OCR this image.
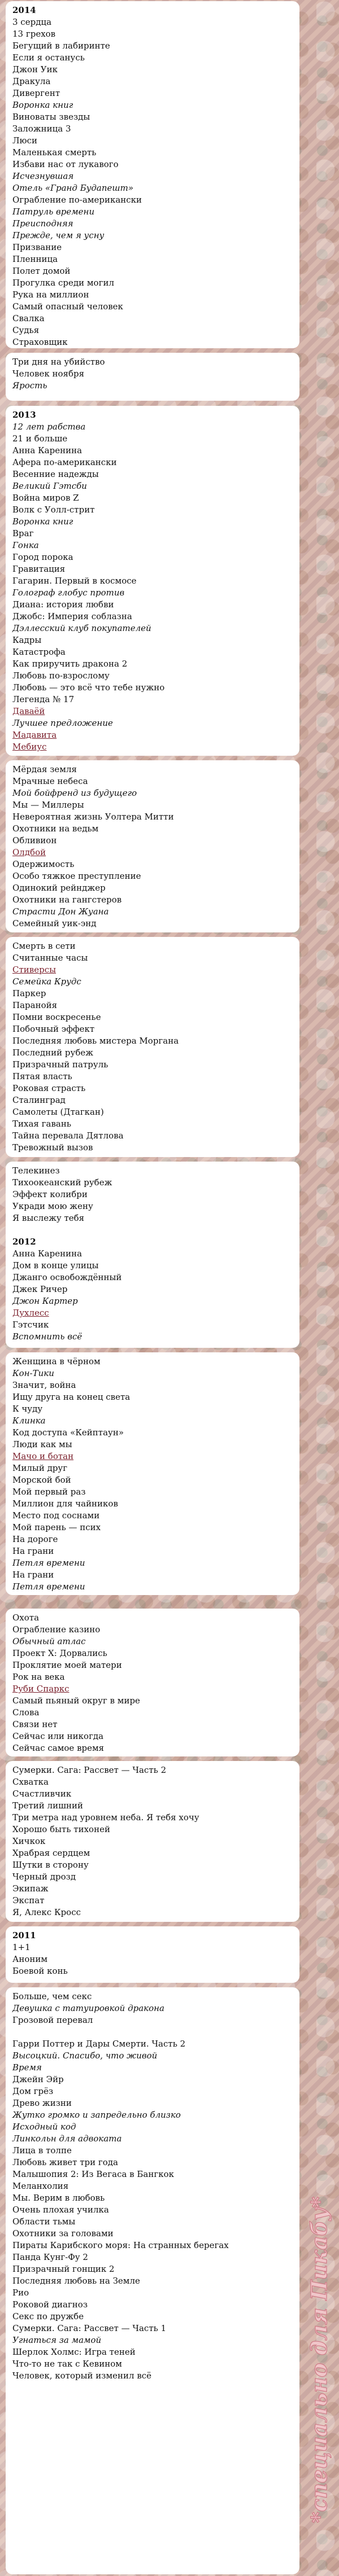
2014
3 сердца
13 грехов
Бегущий в лабиринте
Если я останусь
Джон Уик
Дракула
Дивергент
Воронка книг
Виноваты звезды
Заложница 3
Люси
Маленькая смерть
Избави нас от лукавого
Исчезнувшая
Отель «Гранд Будапешт»
Ограбление по-американски
Патруль времени
Преисподняя
Прежде, чем я усну
Призвание
Пленница
Полет домой
Прогулка среди могил
Рука на миллион
Самый опасный человек
Свалка
Судья
Страховщик
Три дня на убийство
Человек ноября
Ярость
2013
12 лет рабства
21 и больше
Анна Каренина
Афера по-американски
Весенние надежды
Великий Гэтсби
Война миров Z
Волк с Уолл-стрит
Воронка книг
Враг
Гонка
Город порока
Гравитация
Гагарин. Первый в космосе
Голограф глобус против
Диана: история любви
Джобс: Империя соблазна
Дэллесский клуб покупателей
Кадры
Катастрофа
Как приручить дракона 2
Любовь по-взрослому
Любовь — это всё что тебе нужно
Легенда № 17
Даваёй
Лучшее предложение
Мадавита
Мебиус
Мёрдая земля
Мрачные небеса
Мой бойфренд из будущего
Мы — Миллеры
Невероятная жизнь Уолтера Митти
Охотники на ведьм
Обливион
Олдбой
Одержимость
Особо тяжкое преступление
Одинокий рейнджер
Охотники на гангстеров
Страсти Дон Жуана
Семейный уик-энд
Смерть в сети
Считанные часы
Стиверсы
Семейка Крудс
Паркер
Паранойя
Помни воскресенье
Побочный эффект
Последняя любовь мистера Моргана
Последний рубеж
Призрачный патруль
Пятая власть
Роковая страсть
Сталинград
Самолеты (Дтагкан)
Тихая гавань
Тайна перевала Дятлова
Тревожный вызов
Телекинез
Тихоокеанский рубеж
Эффект колибри
Укради мою жену
Я выслежу тебя
2012
Анна Каренина
Дом в конце улицы
Джанго освобождённый
Джек Ричер
Джон Картер
Духлесс
Гэтсчик
Вспомнить всё
Женщина в чёрном
Кон-Тики
Значит, война
Ищу друга на конец света
К чуду
Клинка
Код доступа «Кейптаун»
Люди как мы
Мачо и ботан
Милый друг
Морской бой
Мой первый раз
Миллион для чайников
Место под соснами
Мой парень — псих
На дороге
На грани
Петля времени
На грани
Петля времени
Охота
Ограбление казино
Обычный атлас
Проект Х: Дорвались
Проклятие моей матери
Рок на века
Руби Спаркс
Самый пьяный округ в мире
Слова
Связи нет
Сейчас или никогда
Сейчас самое время
Сумерки. Сага: Рассвет — Часть 2
Схватка
Счастливчик
Третий лишний
Три метра над уровнем неба. Я тебя хочу
Хорошо быть тихоней
Хичкок
Храбрая сердцем
Шутки в сторону
Черный дрозд
Экипаж
Экспат
Я, Алекс Кросс
2011
1+1
Аноним
Боевой конь
Больше, чем секс
Девушка с татуировкой дракона
Грозовой перевал
Гарри Поттер и Дары Смерти. Часть 2
Высоцкий. Спасибо, что живой
Время
Джейн Эйр
Дом грёз
Древо жизни
Жутко громко и запредельно близко
Исходный код
Линкольн для адвоката
Лица в толпе
Любовь живет три года
Малышопия 2: Из Вегаса в Бангкок
Меланхолия
Мы. Верим в любовь
Очень плохая училка
Области тьмы
Охотники за головами
Пираты Карибского моря: На странных берегах
Панда Кунг-Фу 2
Призрачный гонщик 2
Последняя любовь на Земле
Рио
Роковой диагноз
Секс по дружбе
Сумерки. Сага: Рассвет — Часть 1
Угнаться за мамой
Шерлок Холмс: Игра теней
Что-то не так с Кевином
Человек, который изменил всё	*специально для Пикабу*
